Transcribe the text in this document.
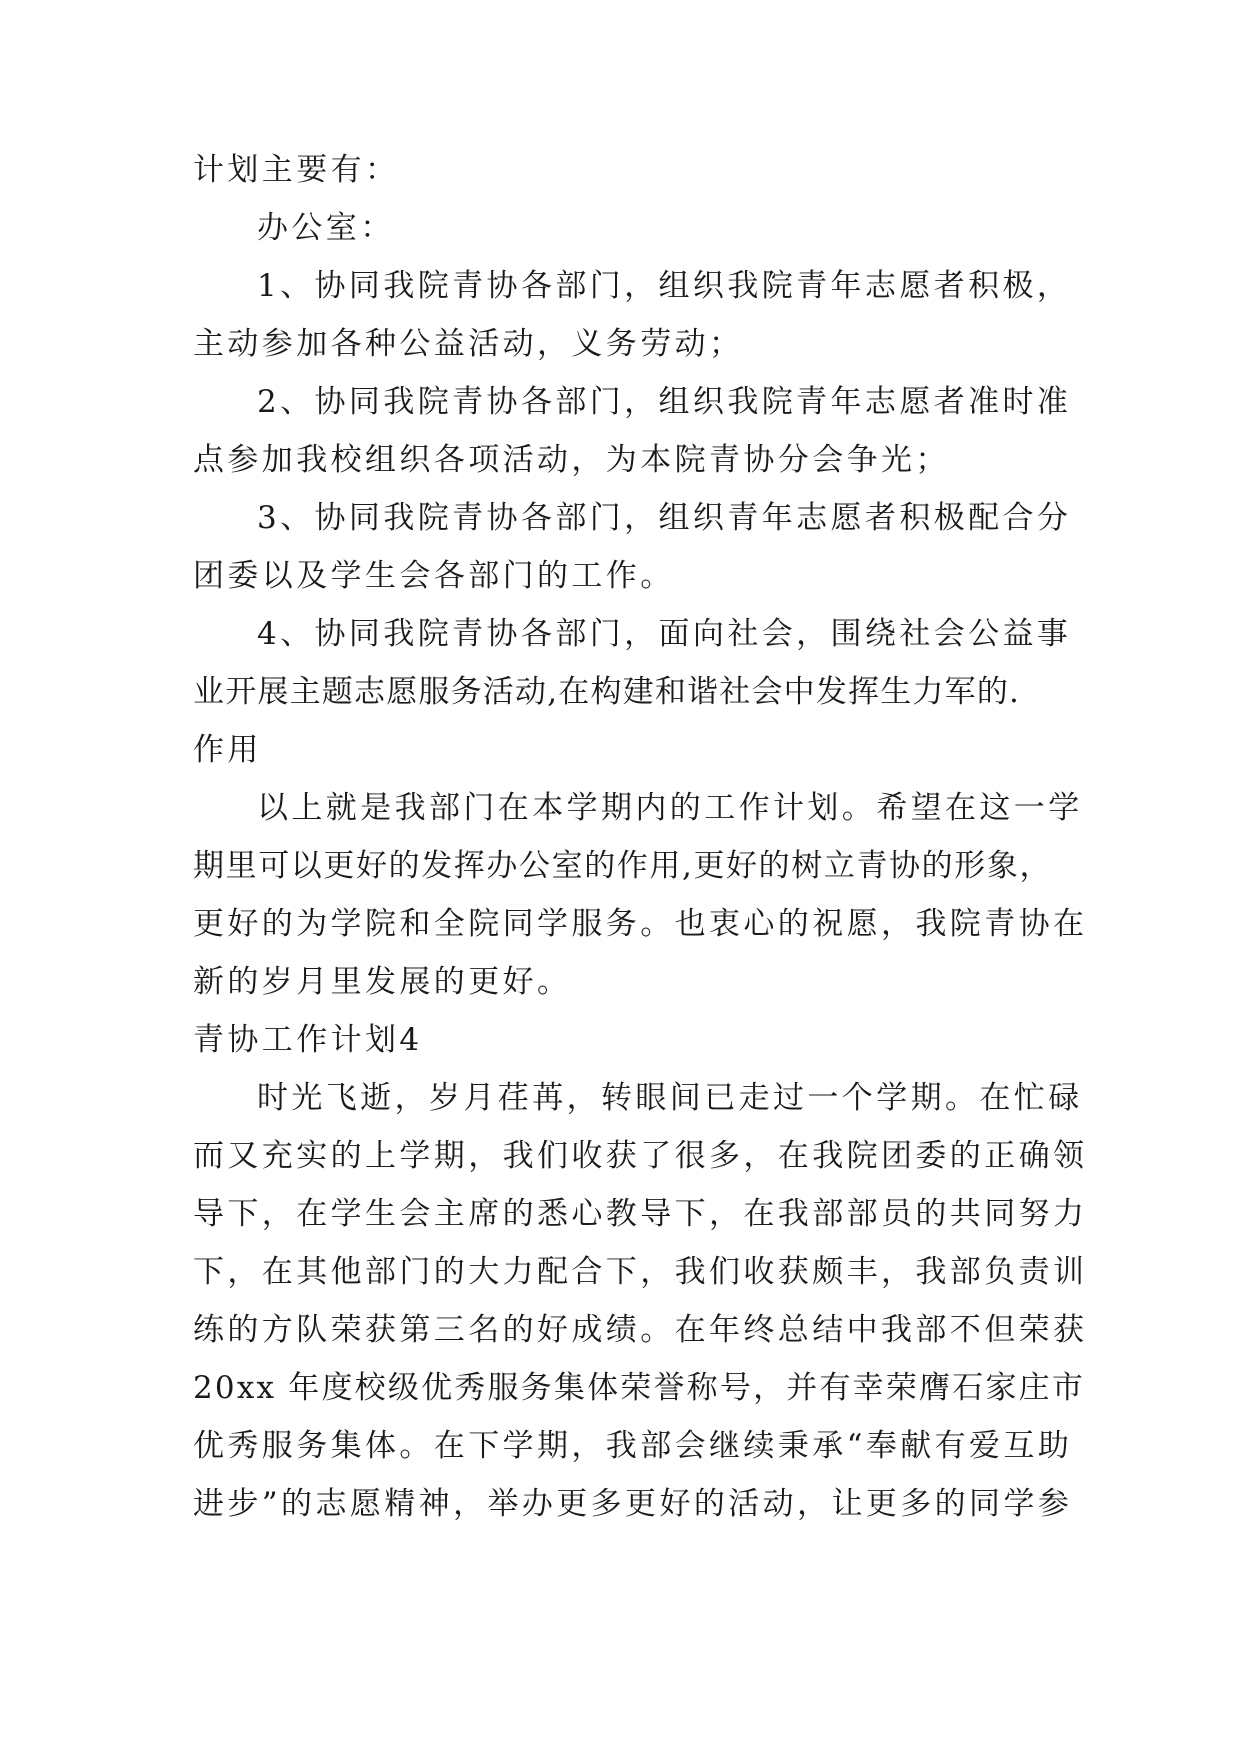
计划主要有：
办公室：
1、协同我院青协各部门，组织我院青年志愿者积极，
主动参加各种公益活动，义务劳动；
2、协同我院青协各部门，组织我院青年志愿者准时准
点参加我校组织各项活动，为本院青协分会争光；
3、协同我院青协各部门，组织青年志愿者积极配合分
团委以及学生会各部门的工作。
4、协同我院青协各部门，面向社会，围绕社会公益事
业开展主题志愿服务活动,在构建和谐社会中发挥生力军的.
作用
以上就是我部门在本学期内的工作计划。希望在这一学
期里可以更好的发挥办公室的作用,更好的树立青协的形象，
更好的为学院和全院同学服务。也衷心的祝愿，我院青协在
新的岁月里发展的更好。
青协工作计划4
时光飞逝，岁月荏苒，转眼间已走过一个学期。在忙碌
而又充实的上学期，我们收获了很多，在我院团委的正确领
导下，在学生会主席的悉心教导下，在我部部员的共同努力
下，在其他部门的大力配合下，我们收获颇丰，我部负责训
练的方队荣获第三名的好成绩。在年终总结中我部不但荣获
20xx 年度校级优秀服务集体荣誉称号，并有幸荣膺石家庄市
优秀服务集体。在下学期，我部会继续秉承“奉献有爱互助
进步”的志愿精神，举办更多更好的活动，让更多的同学参
